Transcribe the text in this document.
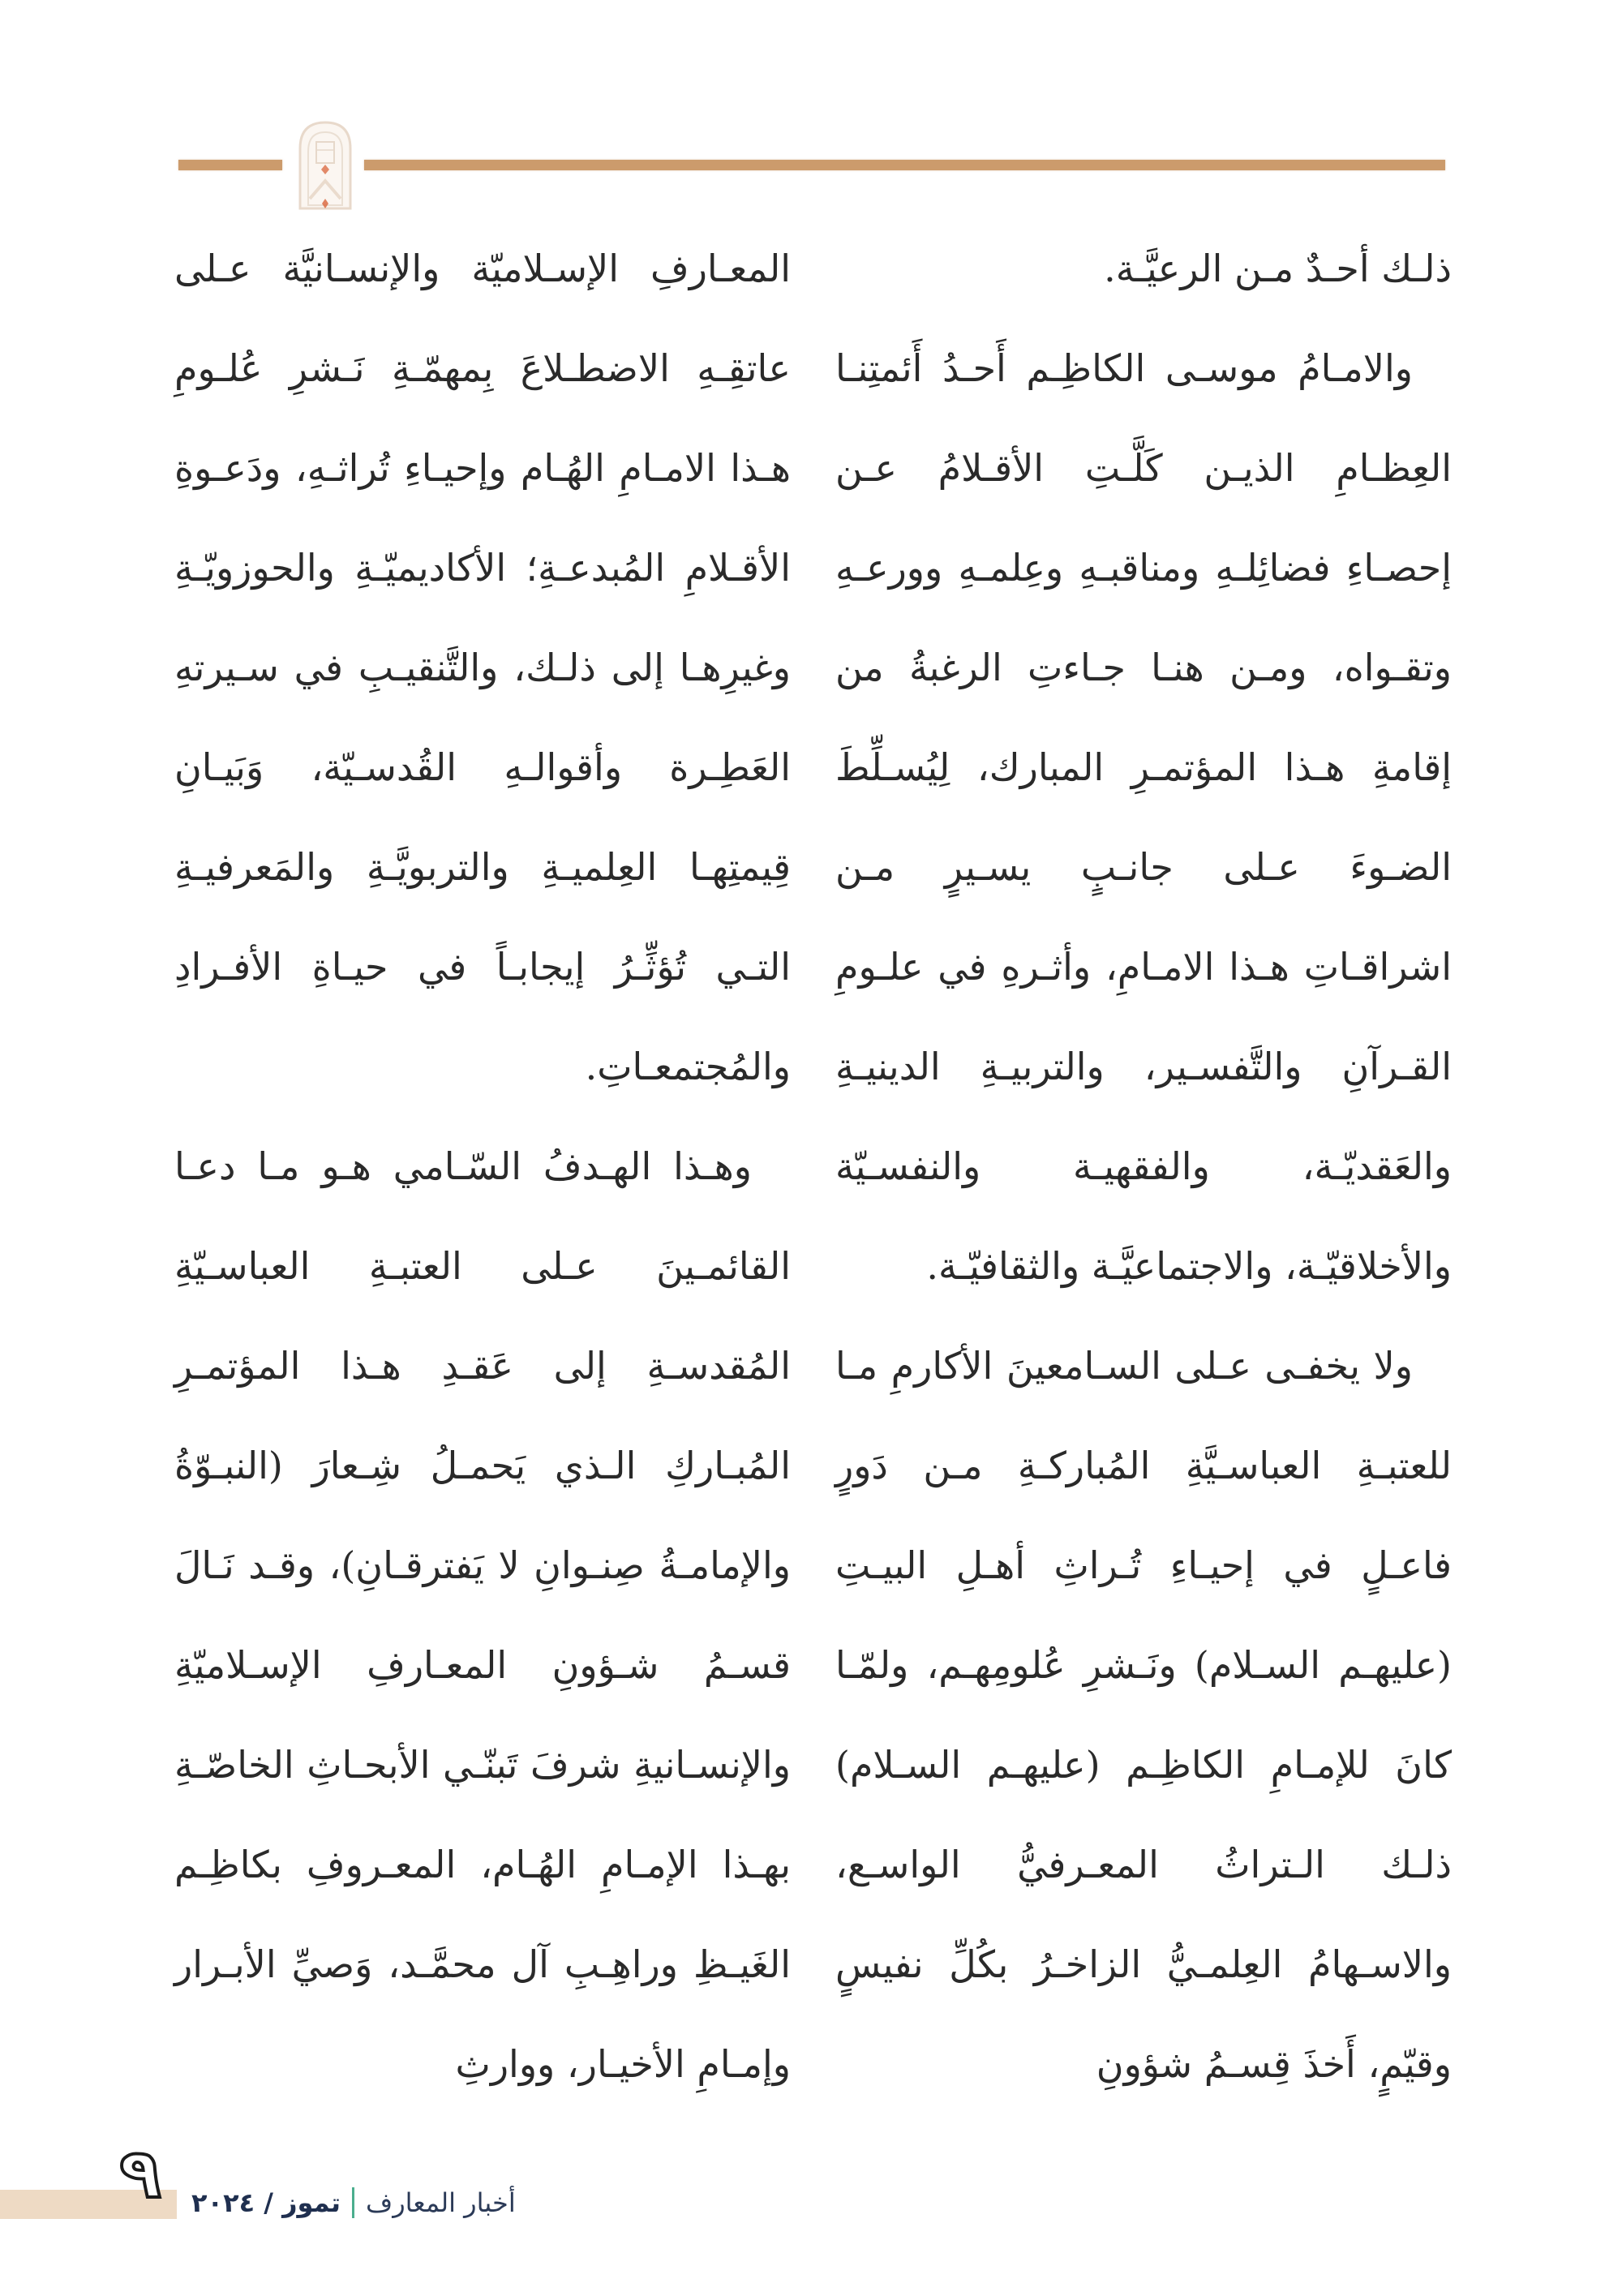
ذلـك أحـدٌ مـن الرعيَّـة.

والامـامُ موسـى الكاظِـم أَحـدُ أَئمتِنـا العِظـامِ الذيـن كَلَّـتِ الأقـلامُ عـن إحصـاءِ فضائِلـهِ ومناقبـهِ وعِلمـهِ وورعـهِ وتقـواه، ومـن هنـا جـاءتِ الرغبةُ من إقامةِ هـذا المؤتمـرِ المبارك، لِيُسـلِّطَ الضـوءَ عـلى جانـبٍ يسـيرٍ مـن اشراقـاتِ هـذا الامـامِ، وأثـرهِ في علـومِ القـرآنِ والتَّفسـير، والتربيـةِ الدينيـةِ والعَقديّـة، والفقهيـة والنفسـيّة والأخلاقيّـة، والاجتماعيَّـة والثقافيّـة.

ولا يخفـى عـلى السـامعينَ الأكارمِ مـا للعتبـةِ العباسـيَّةِ المُباركـةِ مـن دَورٍ فاعـلٍ في إحيـاءِ تُـراثِ أهـلِ البيـتِ (عليهـم السـلام) ونَـشرِ عُلومِهـم، ولمّـا كانَ للإمـامِ الكاظِـم (عليهـم السـلام) ذلـك الـتراثُ المعـرفيُّ الواسـع، والاسـهامُ العِلمـيُّ الزاخـرُ بكُلِّ نفيسٍ وقيّمٍ، أَخذَ قِسـمُ شؤونِ

المعـارفِ الإسـلاميّة والإنسـانيَّة عـلى عاتقِـهِ الاضطـلاعَ بِمهمّـةِ نَـشرِ عُلـومِ هـذا الامـامِ الهُـام وإحيـاءِ تُراثـهِ، ودَعـوةِ الأقـلامِ المُبدعـةِ؛ الأكاديميّـةِ والحوزويّـةِ وغيرِهـا إلى ذلـك، والتَّنقيـبِ في سـيرتهِ العَطِـرة وأقوالـهِ القُدسـيّة، وَبَيـانِ قِيمتِهـا العِلميـةِ والتربويَّـةِ والمَعرفيـةِ التـي تُؤثِّـرُ إيجابـاً في حيـاةِ الأفـرادِ والمُجتمعـاتِ.

وهـذا الهـدفُ السّـامي هـو مـا دعـا القائمـينَ عـلى العتبـةِ العباسـيّةِ المُقدسـةِ إلى عَقـدِ هـذا المؤتمـرِ المُبـاركِ الـذي يَحمـلُ شِـعارَ (النبـوّةُ والإمامـةُ صِنـوانِ لا يَفترقـانِ)، وقـد نَـالَ قسـمُ شـؤونِ المعـارفِ الإسـلاميّةِ والإنسـانيةِ شرفَ تَبنّـي الأبحـاثِ الخاصّـةِ بهـذا الإمـامِ الهُـام، المعـروفِ بكاظِـم الغَيـظِ وراهِـبِ آل محمَّـد، وَصيِّ الأبـرار وإمـامِ الأخيـار، ووارثِ

٩ تموز / ٢٠٢٤ أخبار المعارف
